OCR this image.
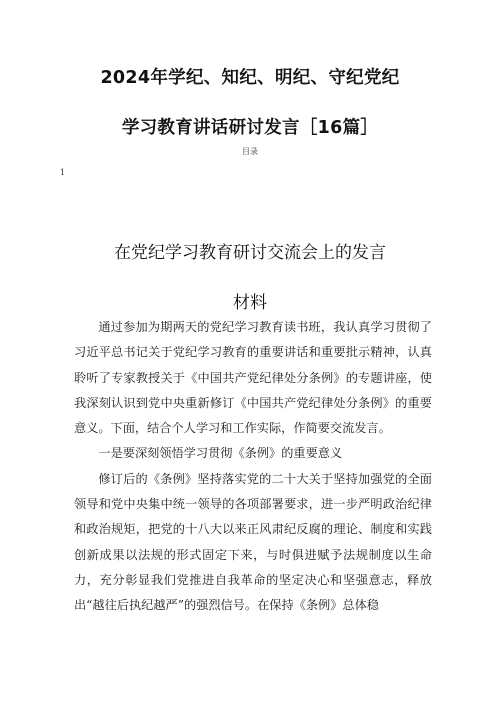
2024年学纪、知纪、明纪、守纪党纪
学习教育讲话研讨发言［16篇］
目录
1
在党纪学习教育研讨交流会上的发言
材料

通过参加为期两天的党纪学习教育读书班，我认真学习贯彻了习近平总书记关于党纪学习教育的重要讲话和重要批示精神，认真聆听了专家教授关于《中国共产党纪律处分条例》的专题讲座，使我深刻认识到党中央重新修订《中国共产党纪律处分条例》的重要意义。下面，结合个人学习和工作实际，作简要交流发言。

一是要深刻领悟学习贯彻《条例》的重要意义

修订后的《条例》坚持落实党的二十大关于坚持加强党的全面领导和党中央集中统一领导的各项部署要求，进一步严明政治纪律和政治规矩，把党的十八大以来正风肃纪反腐的理论、制度和实践创新成果以法规的形式固定下来，与时俱进赋予法规制度以生命力，充分彰显我们党推进自我革命的坚定决心和坚强意志，释放出“越往后执纪越严”的强烈信号。在保持《条例》总体稳
